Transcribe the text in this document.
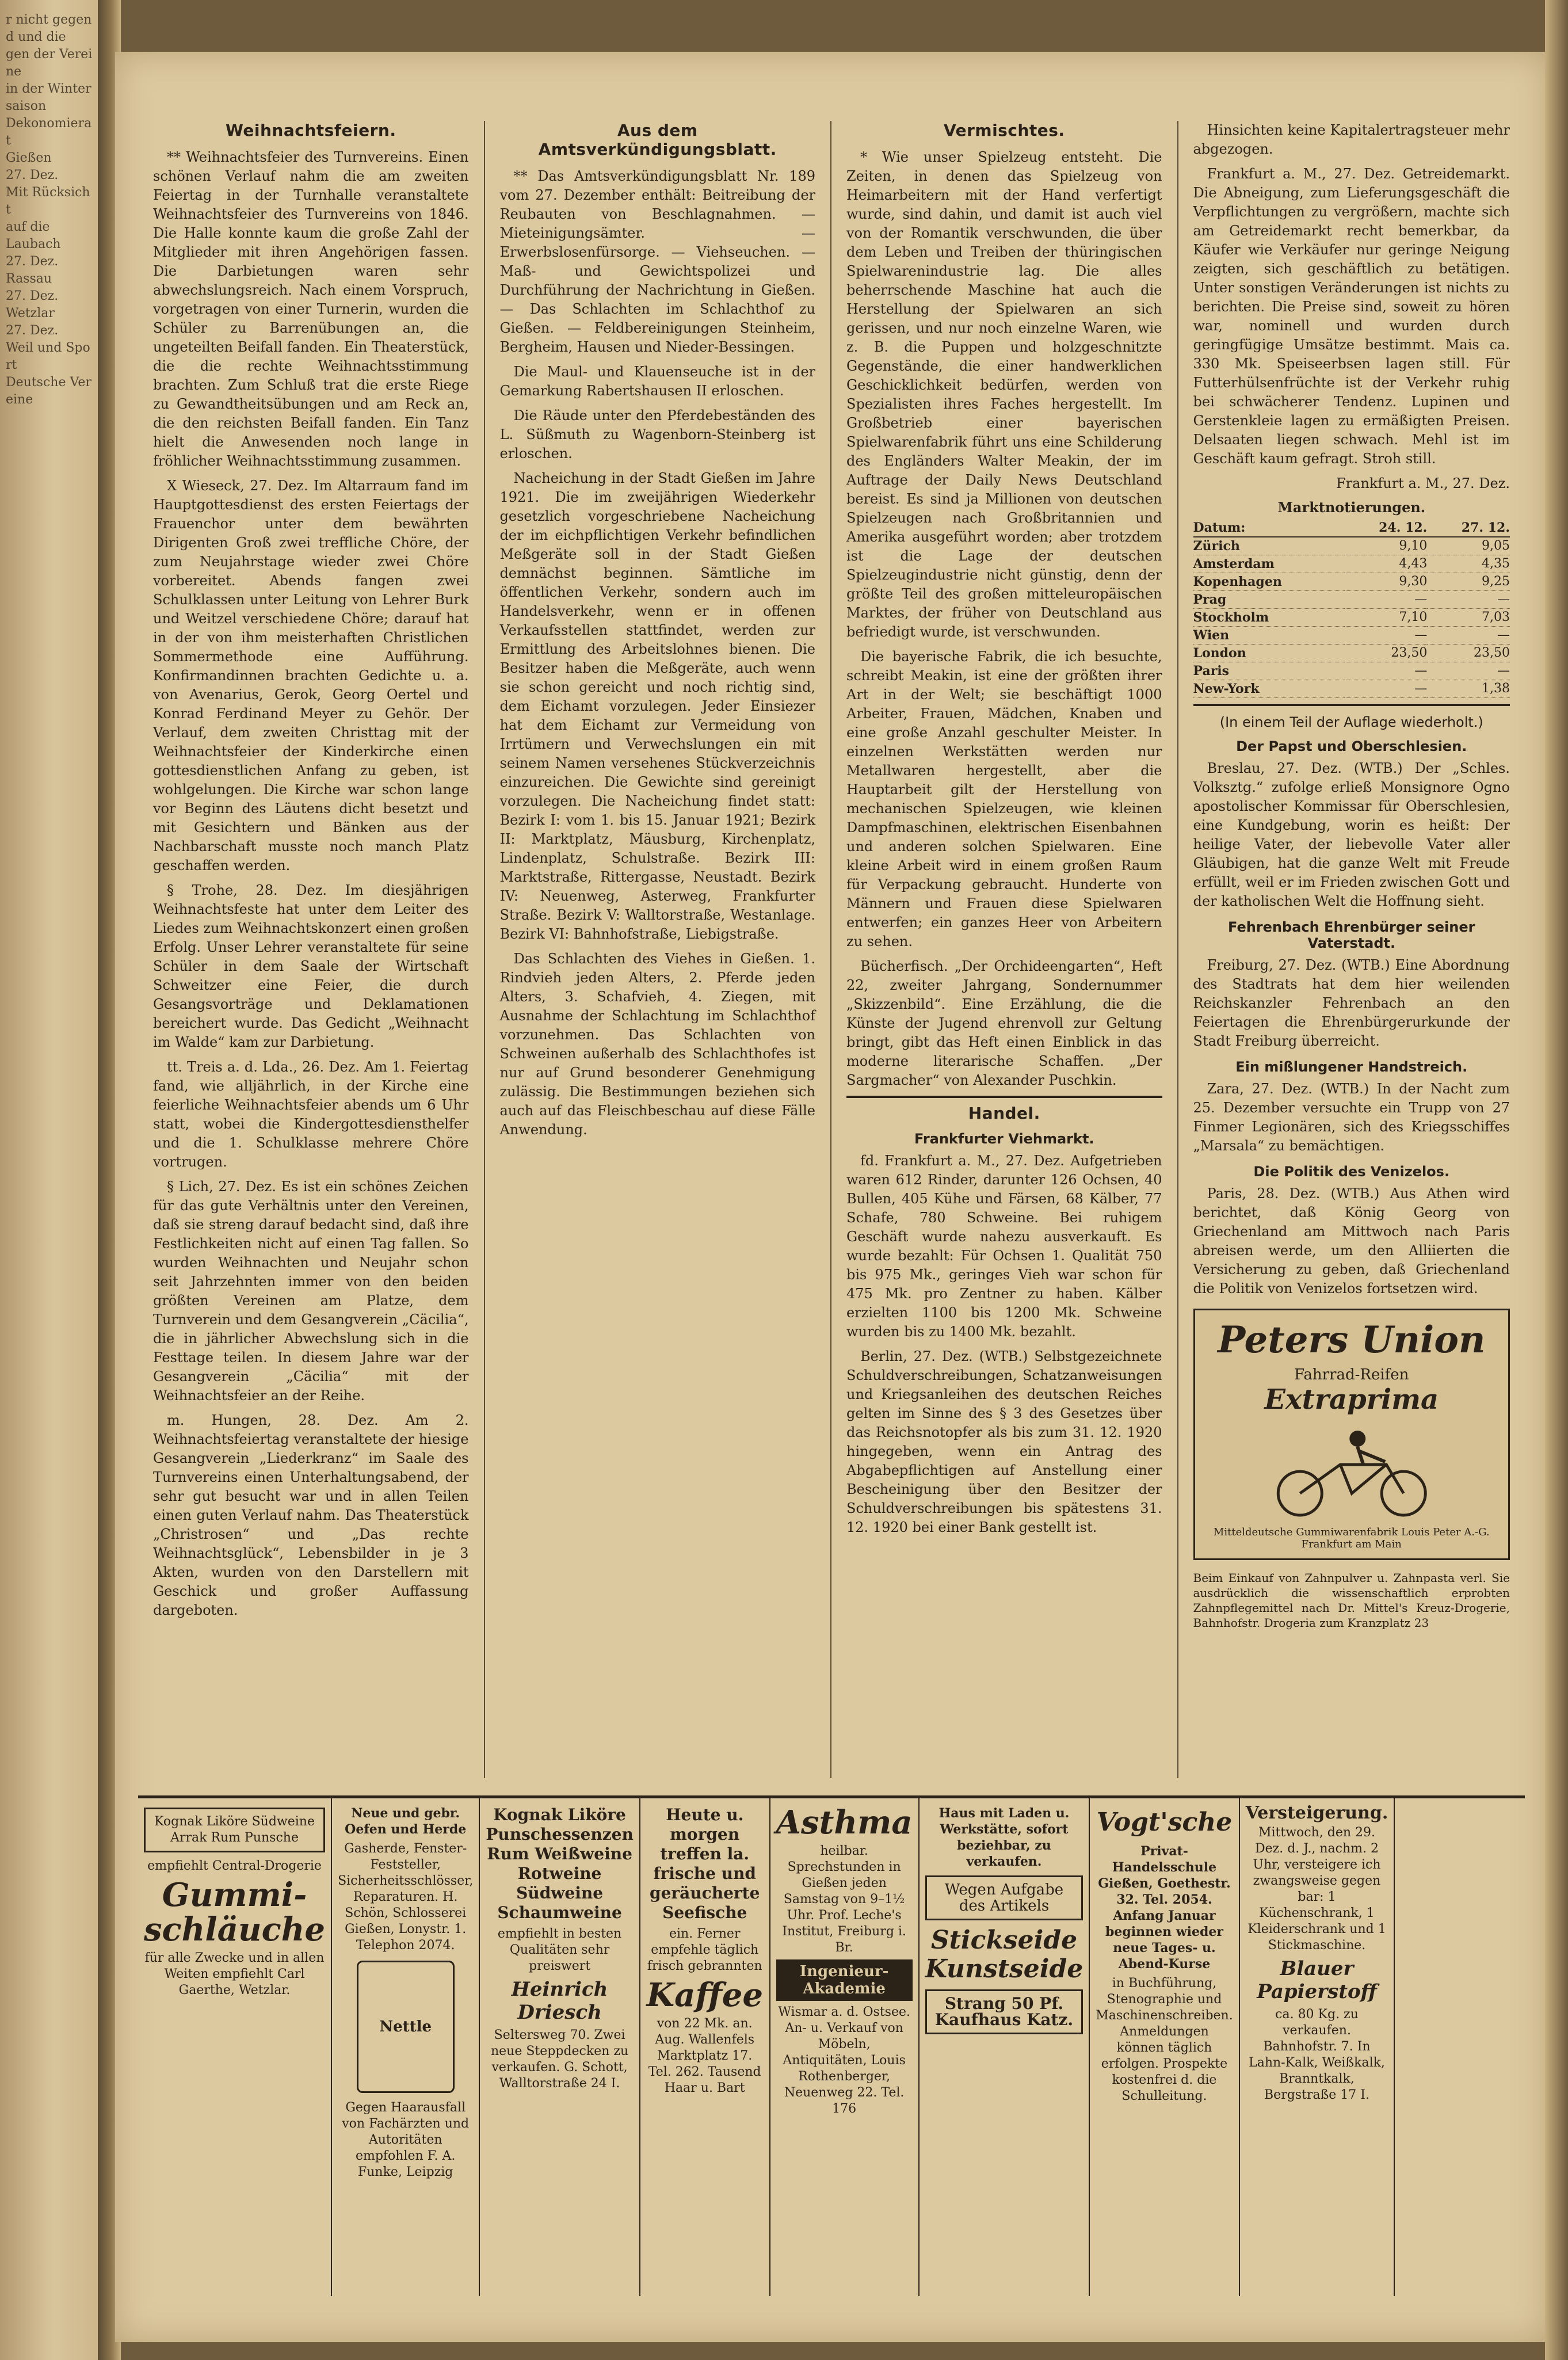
r nicht gegen
d und die
gen der Vereine
in der Wintersaison
Dekonomierat
Gießen
27. Dez.
Mit Rücksicht
auf die
Laubach
27. Dez.
Rassau
27. Dez.
Wetzlar
27. Dez.
Weil und Sport
Deutsche Vereine
Weihnachtsfeiern.

** Weihnachtsfeier des Turnvereins. Einen schönen Verlauf nahm die am zweiten Feiertag in der Turnhalle veranstaltete Weihnachtsfeier des Turnvereins von 1846. Die Halle konnte kaum die große Zahl der Mitglieder mit ihren Angehörigen fassen. Die Darbietungen waren sehr abwechslungsreich. Nach einem Vorspruch, vorgetragen von einer Turnerin, wurden die Schüler zu Barrenübungen an, die ungeteilten Beifall fanden. Ein Theaterstück, die die rechte Weihnachtsstimmung brachten. Zum Schluß trat die erste Riege zu Gewandtheitsübungen und am Reck an, die den reichsten Beifall fanden. Ein Tanz hielt die Anwesenden noch lange in fröhlicher Weihnachtsstimmung zusammen.

X Wieseck, 27. Dez. Im Altarraum fand im Hauptgottesdienst des ersten Feiertags der Frauenchor unter dem bewährten Dirigenten Groß zwei treffliche Chöre, der zum Neujahrstage wieder zwei Chöre vorbereitet. Abends fangen zwei Schulklassen unter Leitung von Lehrer Burk und Weitzel verschiedene Chöre; darauf hat in der von ihm meisterhaften Christlichen Sommermethode eine Aufführung. Konfirmandinnen brachten Gedichte u. a. von Avenarius, Gerok, Georg Oertel und Konrad Ferdinand Meyer zu Gehör. Der Verlauf, dem zweiten Christtag mit der Weihnachtsfeier der Kinderkirche einen gottesdienstlichen Anfang zu geben, ist wohlgelungen. Die Kirche war schon lange vor Beginn des Läutens dicht besetzt und mit Gesichtern und Bänken aus der Nachbarschaft musste noch manch Platz geschaffen werden.

§ Trohe, 28. Dez. Im diesjährigen Weihnachtsfeste hat unter dem Leiter des Liedes zum Weihnachtskonzert einen großen Erfolg. Unser Lehrer veranstaltete für seine Schüler in dem Saale der Wirtschaft Schweitzer eine Feier, die durch Gesangsvorträge und Deklamationen bereichert wurde. Das Gedicht „Weihnacht im Walde“ kam zur Darbietung.

tt. Treis a. d. Lda., 26. Dez. Am 1. Feiertag fand, wie alljährlich, in der Kirche eine feierliche Weihnachtsfeier abends um 6 Uhr statt, wobei die Kindergottesdiensthelfer und die 1. Schulklasse mehrere Chöre vortrugen.

§ Lich, 27. Dez. Es ist ein schönes Zeichen für das gute Verhältnis unter den Vereinen, daß sie streng darauf bedacht sind, daß ihre Festlichkeiten nicht auf einen Tag fallen. So wurden Weihnachten und Neujahr schon seit Jahrzehnten immer von den beiden größten Vereinen am Platze, dem Turnverein und dem Gesangverein „Cäcilia“, die in jährlicher Abwechslung sich in die Festtage teilen. In diesem Jahre war der Gesangverein „Cäcilia“ mit der Weihnachtsfeier an der Reihe.

m. Hungen, 28. Dez. Am 2. Weihnachtsfeiertag veranstaltete der hiesige Gesangverein „Liederkranz“ im Saale des Turnvereins einen Unterhaltungsabend, der sehr gut besucht war und in allen Teilen einen guten Verlauf nahm. Das Theaterstück „Christrosen“ und „Das rechte Weihnachtsglück“, Lebensbilder in je 3 Akten, wurden von den Darstellern mit Geschick und großer Auffassung dargeboten.

Aus dem Amtsverkündigungsblatt.

** Das Amtsverkündigungsblatt Nr. 189 vom 27. Dezember enthält: Beitreibung der Reubauten von Beschlagnahmen. — Mieteinigungsämter. — Erwerbslosenfürsorge. — Viehseuchen. — Maß- und Gewichtspolizei und Durchführung der Nachrichtung in Gießen. — Das Schlachten im Schlachthof zu Gießen. — Feldbereinigungen Steinheim, Bergheim, Hausen und Nieder-Bessingen.

Die Maul- und Klauenseuche ist in der Gemarkung Rabertshausen II erloschen.

Die Räude unter den Pferdebeständen des L. Süßmuth zu Wagenborn-Steinberg ist erloschen.

Nacheichung in der Stadt Gießen im Jahre 1921. Die im zweijährigen Wiederkehr gesetzlich vorgeschriebene Nacheichung der im eichpflichtigen Verkehr befindlichen Meßgeräte soll in der Stadt Gießen demnächst beginnen. Sämtliche im öffentlichen Verkehr, sondern auch im Handelsverkehr, wenn er in offenen Verkaufsstellen stattfindet, werden zur Ermittlung des Arbeitslohnes bienen. Die Besitzer haben die Meßgeräte, auch wenn sie schon gereicht und noch richtig sind, dem Eichamt vorzulegen. Jeder Einsiezer hat dem Eichamt zur Vermeidung von Irrtümern und Verwechslungen ein mit seinem Namen versehenes Stückverzeichnis einzureichen. Die Gewichte sind gereinigt vorzulegen. Die Nacheichung findet statt: Bezirk I: vom 1. bis 15. Januar 1921; Bezirk II: Marktplatz, Mäusburg, Kirchenplatz, Lindenplatz, Schulstraße. Bezirk III: Marktstraße, Rittergasse, Neustadt. Bezirk IV: Neuenweg, Asterweg, Frankfurter Straße. Bezirk V: Walltorstraße, Westanlage. Bezirk VI: Bahnhofstraße, Liebigstraße.

Das Schlachten des Viehes in Gießen. 1. Rindvieh jeden Alters, 2. Pferde jeden Alters, 3. Schafvieh, 4. Ziegen, mit Ausnahme der Schlachtung im Schlachthof vorzunehmen. Das Schlachten von Schweinen außerhalb des Schlachthofes ist nur auf Grund besonderer Genehmigung zulässig. Die Bestimmungen beziehen sich auch auf das Fleischbeschau auf diese Fälle Anwendung.

Vermischtes.

* Wie unser Spielzeug entsteht. Die Zeiten, in denen das Spielzeug von Heimarbeitern mit der Hand verfertigt wurde, sind dahin, und damit ist auch viel von der Romantik verschwunden, die über dem Leben und Treiben der thüringischen Spielwarenindustrie lag. Die alles beherrschende Maschine hat auch die Herstellung der Spielwaren an sich gerissen, und nur noch einzelne Waren, wie z. B. die Puppen und holzgeschnitzte Gegenstände, die einer handwerklichen Geschicklichkeit bedürfen, werden von Spezialisten ihres Faches hergestellt. Im Großbetrieb einer bayerischen Spielwarenfabrik führt uns eine Schilderung des Engländers Walter Meakin, der im Auftrage der Daily News Deutschland bereist. Es sind ja Millionen von deutschen Spielzeugen nach Großbritannien und Amerika ausgeführt worden; aber trotzdem ist die Lage der deutschen Spielzeugindustrie nicht günstig, denn der größte Teil des großen mitteleuropäischen Marktes, der früher von Deutschland aus befriedigt wurde, ist verschwunden.

Die bayerische Fabrik, die ich besuchte, schreibt Meakin, ist eine der größten ihrer Art in der Welt; sie beschäftigt 1000 Arbeiter, Frauen, Mädchen, Knaben und eine große Anzahl geschulter Meister. In einzelnen Werkstätten werden nur Metallwaren hergestellt, aber die Hauptarbeit gilt der Herstellung von mechanischen Spielzeugen, wie kleinen Dampfmaschinen, elektrischen Eisenbahnen und anderen solchen Spielwaren. Eine kleine Arbeit wird in einem großen Raum für Verpackung gebraucht. Hunderte von Männern und Frauen diese Spielwaren entwerfen; ein ganzes Heer von Arbeitern zu sehen.

Bücherfisch. „Der Orchideengarten“, Heft 22, zweiter Jahrgang, Sondernummer „Skizzenbild“. Eine Erzählung, die die Künste der Jugend ehrenvoll zur Geltung bringt, gibt das Heft einen Einblick in das moderne literarische Schaffen. „Der Sargmacher“ von Alexander Puschkin.

Handel.
Frankfurter Viehmarkt.

fd. Frankfurt a. M., 27. Dez. Aufgetrieben waren 612 Rinder, darunter 126 Ochsen, 40 Bullen, 405 Kühe und Färsen, 68 Kälber, 77 Schafe, 780 Schweine. Bei ruhigem Geschäft wurde nahezu ausverkauft. Es wurde bezahlt: Für Ochsen 1. Qualität 750 bis 975 Mk., geringes Vieh war schon für 475 Mk. pro Zentner zu haben. Kälber erzielten 1100 bis 1200 Mk. Schweine wurden bis zu 1400 Mk. bezahlt.

Berlin, 27. Dez. (WTB.) Selbstgezeichnete Schuldverschreibungen, Schatzanweisungen und Kriegsanleihen des deutschen Reiches gelten im Sinne des § 3 des Gesetzes über das Reichsnotopfer als bis zum 31. 12. 1920 hingegeben, wenn ein Antrag des Abgabepflichtigen auf Anstellung einer Bescheinigung über den Besitzer der Schuldverschreibungen bis spätestens 31. 12. 1920 bei einer Bank gestellt ist.

Hinsichten keine Kapitalertragsteuer mehr abgezogen.

Frankfurt a. M., 27. Dez. Getreidemarkt. Die Abneigung, zum Lieferungsgeschäft die Verpflichtungen zu vergrößern, machte sich am Getreidemarkt recht bemerkbar, da Käufer wie Verkäufer nur geringe Neigung zeigten, sich geschäftlich zu betätigen. Unter sonstigen Veränderungen ist nichts zu berichten. Die Preise sind, soweit zu hören war, nominell und wurden durch geringfügige Umsätze bestimmt. Mais ca. 330 Mk. Speiseerbsen lagen still. Für Futterhülsenfrüchte ist der Verkehr ruhig bei schwächerer Tendenz. Lupinen und Gerstenkleie lagen zu ermäßigten Preisen. Delsaaten liegen schwach. Mehl ist im Geschäft kaum gefragt. Stroh still.

Frankfurt a. M., 27. Dez.
Marktnotierungen.
Datum:	24. 12.	27. 12.
Zürich	9,10	9,05
Amsterdam	4,43	4,35
Kopenhagen	9,30	9,25
Prag	—	—
Stockholm	7,10	7,03
Wien	—	—
London	23,50	23,50
Paris	—	—
New-York	—	1,38
(In einem Teil der Auflage wiederholt.)
Der Papst und Oberschlesien.

Breslau, 27. Dez. (WTB.) Der „Schles. Volksztg.“ zufolge erließ Monsignore Ogno apostolischer Kommissar für Oberschlesien, eine Kundgebung, worin es heißt: Der heilige Vater, der liebevolle Vater aller Gläubigen, hat die ganze Welt mit Freude erfüllt, weil er im Frieden zwischen Gott und der katholischen Welt die Hoffnung sieht.

Fehrenbach Ehrenbürger seiner Vaterstadt.

Freiburg, 27. Dez. (WTB.) Eine Abordnung des Stadtrats hat dem hier weilenden Reichskanzler Fehrenbach an den Feiertagen die Ehrenbürgerurkunde der Stadt Freiburg überreicht.

Ein mißlungener Handstreich.

Zara, 27. Dez. (WTB.) In der Nacht zum 25. Dezember versuchte ein Trupp von 27 Finmer Legionären, sich des Kriegsschiffes „Marsala“ zu bemächtigen.

Die Politik des Venizelos.

Paris, 28. Dez. (WTB.) Aus Athen wird berichtet, daß König Georg von Griechenland am Mittwoch nach Paris abreisen werde, um den Alliierten die Versicherung zu geben, daß Griechenland die Politik von Venizelos fortsetzen wird.

Peters Union
Fahrrad-Reifen
Extraprima
Mitteldeutsche Gummiwarenfabrik Louis Peter A.-G. Frankfurt am Main

Beim Einkauf von Zahnpulver u. Zahnpasta verl. Sie ausdrücklich die wissenschaftlich erprobten Zahnpflegemittel nach Dr. Mittel's Kreuz-Drogerie, Bahnhofstr. Drogeria zum Kranzplatz 23

Kognak Liköre Südweine Arrak Rum Punsche
empfiehlt Central-Drogerie
Gummi-schläuche
für alle Zwecke und in allen Weiten empfiehlt Carl Gaerthe, Wetzlar.
Neue und gebr. Oefen und Herde
Gasherde, Fenster-Feststeller, Sicherheitsschlösser, Reparaturen. H. Schön, Schlosserei Gießen, Lonystr. 1. Telephon 2074.
Nettle
Gegen Haarausfall von Fachärzten und Autoritäten empfohlen F. A. Funke, Leipzig
Kognak Liköre Punschessenzen Rum Weißweine Rotweine Südweine Schaumweine
empfiehlt in besten Qualitäten sehr preiswert
Heinrich Driesch
Seltersweg 70. Zwei neue Steppdecken zu verkaufen. G. Schott, Walltorstraße 24 I.
Heute u. morgen treffen la. frische und geräucherte Seefische
ein. Ferner empfehle täglich frisch gebrannten
Kaffee
von 22 Mk. an. Aug. Wallenfels Marktplatz 17. Tel. 262. Tausend Haar u. Bart
Asthma
heilbar. Sprechstunden in Gießen jeden Samstag von 9–1½ Uhr. Prof. Leche's Institut, Freiburg i. Br.
Ingenieur-Akademie
Wismar a. d. Ostsee. An- u. Verkauf von Möbeln, Antiquitäten, Louis Rothenberger, Neuenweg 22. Tel. 176
Haus mit Laden u. Werkstätte, sofort beziehbar, zu verkaufen.
Wegen Aufgabe des Artikels
Stickseide Kunstseide
Strang 50 Pf. Kaufhaus Katz.
Vogt'sche
Privat-Handelsschule Gießen, Goethestr. 32. Tel. 2054. Anfang Januar beginnen wieder neue Tages- u. Abend-Kurse
in Buchführung, Stenographie und Maschinenschreiben. Anmeldungen können täglich erfolgen. Prospekte kostenfrei d. die Schulleitung.
Versteigerung.
Mittwoch, den 29. Dez. d. J., nachm. 2 Uhr, versteigere ich zwangsweise gegen bar: 1 Küchenschrank, 1 Kleiderschrank und 1 Stickmaschine.
Blauer Papierstoff
ca. 80 Kg. zu verkaufen. Bahnhofstr. 7. In Lahn-Kalk, Weißkalk, Branntkalk, Bergstraße 17 I.
